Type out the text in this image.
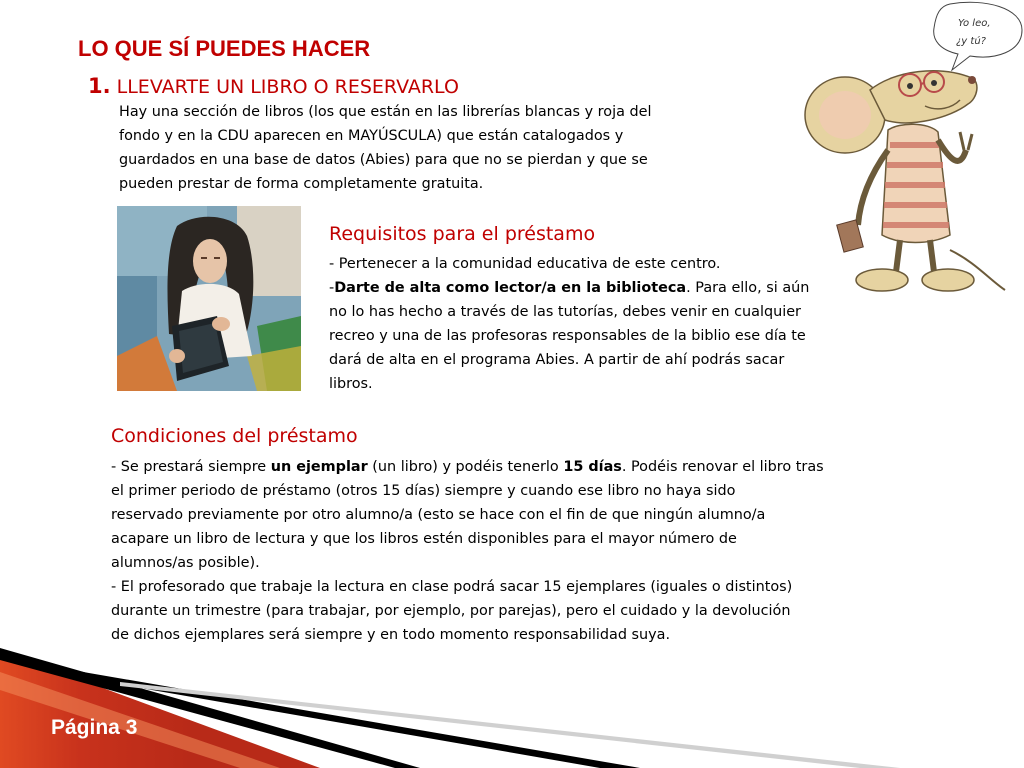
LO QUE SÍ PUEDES HACER
1. LLEVARTE UN LIBRO O RESERVARLO
Hay una sección de libros (los que están en las librerías blancas y roja del
fondo y en la CDU aparecen en MAYÚSCULA) que están catalogados y
guardados en una base de datos (Abies) para que no se pierdan y que se
pueden prestar de forma completamente gratuita.
Requisitos para el préstamo
- Pertenecer a la comunidad educativa de este centro.
-Darte de alta como lector/a en la biblioteca. Para ello, si aún
no lo has hecho a través de las tutorías, debes venir en cualquier
recreo y una de las profesoras responsables de la biblio ese día te
dará de alta en el programa Abies. A partir de ahí podrás sacar
libros.
Yo leo,
¿y tú?
Condiciones del préstamo
- Se prestará siempre un ejemplar (un libro) y podéis tenerlo 15 días. Podéis renovar el libro tras
el primer periodo de préstamo (otros 15 días) siempre y cuando ese libro no haya sido
reservado previamente por otro alumno/a (esto se hace con el fin de que ningún alumno/a
acapare un libro de lectura y que los libros estén disponibles para el mayor número de
alumnos/as posible).
- El profesorado que trabaje la lectura en clase podrá sacar 15 ejemplares (iguales o distintos)
durante un trimestre (para trabajar, por ejemplo, por parejas), pero el cuidado y la devolución
de dichos ejemplares será siempre y en todo momento responsabilidad suya.
Página 3
